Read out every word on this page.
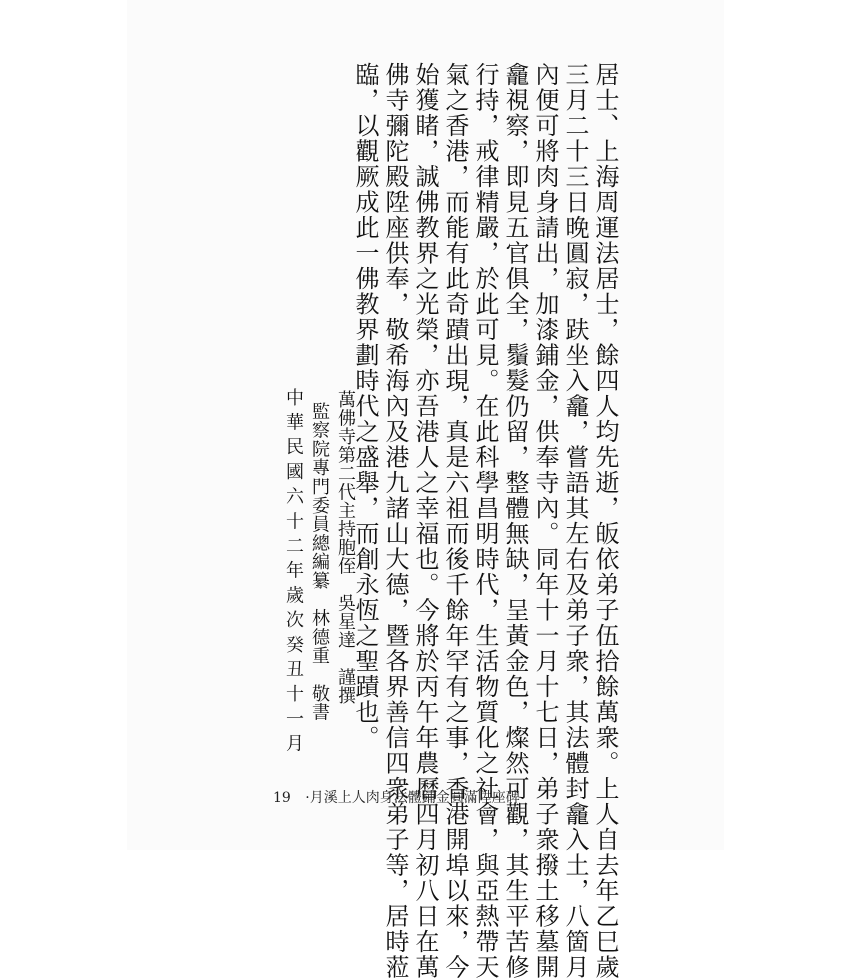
居士、上海周運法居士，餘四人均先逝，皈依弟子伍拾餘萬衆。上人自去年乙巳歲
三月二十三日晚圓寂，趺坐入龕，嘗語其左右及弟子衆，其法體封龕入土，八箇月
內便可將肉身請出，加漆鋪金，供奉寺內。同年十一月十七日，弟子衆撥土移墓開
龕視察，即見五官俱全，鬚髮仍留，整體無缺，呈黃金色，燦然可觀，其生平苦修
行持，戒律精嚴，於此可見。在此科學昌明時代，生活物質化之社會，與亞熱帶天
氣之香港，而能有此奇蹟出現，真是六祖而後千餘年罕有之事，香港開埠以來，今
始獲睹，誠佛教界之光榮，亦吾港人之幸福也。今將於丙午年農曆四月初八日在萬
佛寺彌陀殿陞座供奉，敬希海內及港九諸山大德，暨各界善信四衆弟子等，居時蒞
臨，以觀厥成此一佛教界劃時代之盛舉，而創永恆之聖蹟也。
萬佛寺第二代主持胞侄　吳星達　謹撰
監察院專門委員總編纂　林德重　敬書
中華民國六十二年歲次癸丑十一月
19 ·月溪上人肉身法體鋪金圓滿陞座碑
